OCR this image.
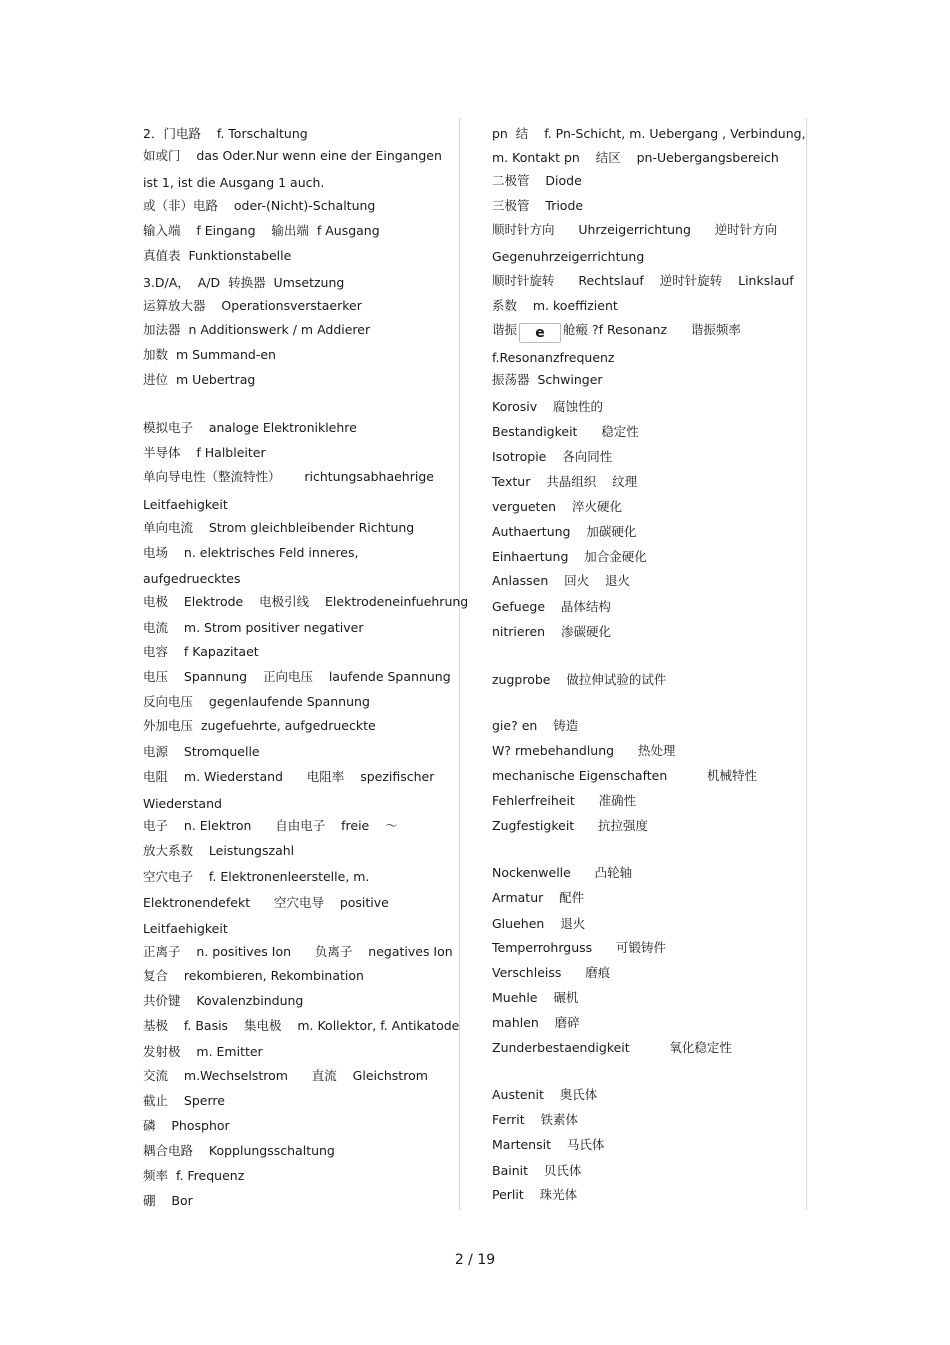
2．门电路    f. Torschaltung
如或门    das Oder.Nur wenn eine der Eingangen
ist 1, ist die Ausgang 1 auch.
或（非）电路    oder-(Nicht)-Schaltung
输入端    f Eingang    输出端  f Ausgang
真值表  Funktionstabelle
3.D/A，  A/D  转换器  Umsetzung
运算放大器    Operationsverstaerker
加法器  n Additionswerk / m Addierer
加数  m Summand-en
进位  m Uebertrag
模拟电子    analoge Elektroniklehre
半导体    f Halbleiter
单向导电性（整流特性）      richtungsabhaehrige
Leitfaehigkeit
单向电流    Strom gleichbleibender Richtung
电场    n. elektrisches Feld inneres,
aufgedruecktes
电极    Elektrode    电极引线    Elektrodeneinfuehrung
电流    m. Strom positiver negativer
电容    f Kapazitaet
电压    Spannung    正向电压    laufende Spannung
反向电压    gegenlaufende Spannung
外加电压  zugefuehrte, aufgedrueckte
电源    Stromquelle
电阻    m. Wiederstand      电阻率    spezifischer
Wiederstand
电子    n. Elektron      自由电子    freie    ～
放大系数    Leistungszahl
空穴电子    f. Elektronenleerstelle, m.
Elektronendefekt      空穴电导    positive
Leitfaehigkeit
正离子    n. positives Ion      负离子    negatives Ion
复合    rekombieren, Rekombination
共价键    Kovalenzbindung
基极    f. Basis    集电极    m. Kollektor, f. Antikatode
发射极    m. Emitter
交流    m.Wechselstrom      直流    Gleichstrom
截止    Sperre
磷    Phosphor
耦合电路    Kopplungsschaltung
频率  f. Frequenz
硼    Bor
pn  结    f. Pn-Schicht, m. Uebergang , Verbindung,
m. Kontakt pn    结区    pn-Uebergangsbereich
二极管    Diode
三极管    Triode
顺时针方向      Uhrzeigerrichtung      逆时针方向
Gegenuhrzeigerrichtung
顺时针旋转      Rechtslauf    逆时针旋转    Linkslauf
系数    m. koeffizient
谐振 e 舱瘢 ?f Resonanz      谐振频率
f.Resonanzfrequenz
振荡器  Schwinger
Korosiv    腐蚀性的
Bestandigkeit      稳定性
Isotropie    各向同性
Textur    共晶组织    纹理
vergueten    淬火硬化
Authaertung    加碳硬化
Einhaertung    加合金硬化
Anlassen    回火    退火
Gefuege    晶体结构
nitrieren    渗碳硬化
zugprobe    做拉伸试验的试件
gie? en    铸造
W? rmebehandlung      热处理
mechanische Eigenschaften          机械特性
Fehlerfreiheit      准确性
Zugfestigkeit      抗拉强度
Nockenwelle      凸轮轴
Armatur    配件
Gluehen    退火
Temperrohrguss      可锻铸件
Verschleiss      磨痕
Muehle    碾机
mahlen    磨碎
Zunderbestaendigkeit          氧化稳定性
Austenit    奥氏体
Ferrit    铁素体
Martensit    马氏体
Bainit    贝氏体
Perlit    珠光体
2 / 19
